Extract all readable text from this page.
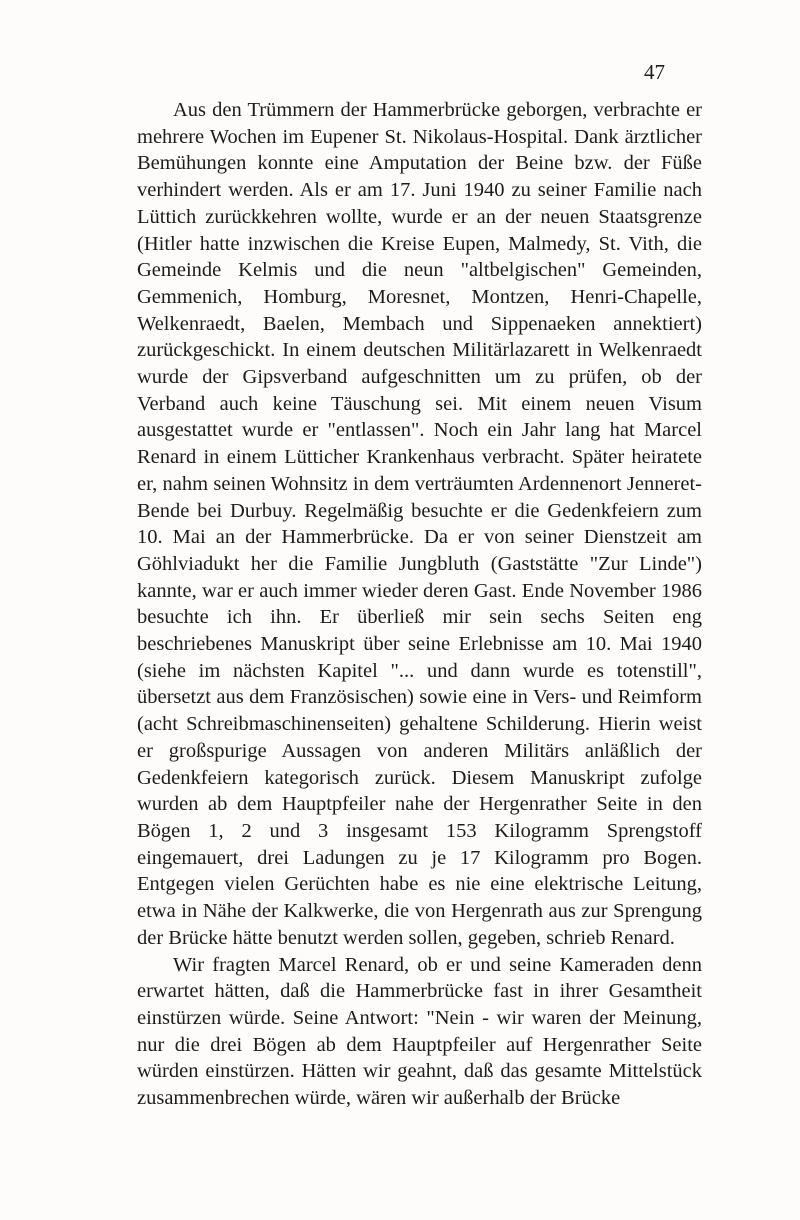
47

Aus den Trümmern der Hammerbrücke geborgen, verbrachte er mehrere Wochen im Eupener St. Nikolaus-Hospital. Dank ärztlicher Bemühungen konnte eine Amputation der Beine bzw. der Füße verhindert werden. Als er am 17. Juni 1940 zu seiner Familie nach Lüttich zurückkehren wollte, wurde er an der neuen Staatsgrenze (Hitler hatte inzwischen die Kreise Eupen, Malmedy, St. Vith, die Gemeinde Kelmis und die neun "altbelgischen" Gemeinden, Gemmenich, Homburg, Moresnet, Montzen, Henri-Chapelle, Welkenraedt, Baelen, Membach und Sippenaeken annektiert) zurückgeschickt. In einem deutschen Militärlazarett in Welkenraedt wurde der Gipsverband aufgeschnitten um zu prüfen, ob der Verband auch keine Täuschung sei. Mit einem neuen Visum ausgestattet wurde er "entlassen". Noch ein Jahr lang hat Marcel Renard in einem Lütticher Krankenhaus verbracht. Später heiratete er, nahm seinen Wohnsitz in dem verträumten Ardennenort Jenneret-Bende bei Durbuy. Regelmäßig besuchte er die Gedenkfeiern zum 10. Mai an der Hammerbrücke. Da er von seiner Dienstzeit am Göhlviadukt her die Familie Jungbluth (Gaststätte "Zur Linde") kannte, war er auch immer wieder deren Gast. Ende November 1986 besuchte ich ihn. Er überließ mir sein sechs Seiten eng beschriebenes Manuskript über seine Erlebnisse am 10. Mai 1940 (siehe im nächsten Kapitel "... und dann wurde es totenstill", übersetzt aus dem Französischen) sowie eine in Vers- und Reimform (acht Schreibmaschinenseiten) gehaltene Schilderung. Hierin weist er großspurige Aussagen von anderen Militärs anläßlich der Gedenkfeiern kategorisch zurück. Diesem Manuskript zufolge wurden ab dem Hauptpfeiler nahe der Hergenrather Seite in den Bögen 1, 2 und 3 insgesamt 153 Kilogramm Sprengstoff eingemauert, drei Ladungen zu je 17 Kilogramm pro Bogen. Entgegen vielen Gerüchten habe es nie eine elektrische Leitung, etwa in Nähe der Kalkwerke, die von Hergenrath aus zur Sprengung der Brücke hätte benutzt werden sollen, gegeben, schrieb Renard.

Wir fragten Marcel Renard, ob er und seine Kameraden denn erwartet hätten, daß die Hammerbrücke fast in ihrer Gesamtheit einstürzen würde. Seine Antwort: "Nein - wir waren der Meinung, nur die drei Bögen ab dem Hauptpfeiler auf Hergenrather Seite würden einstürzen. Hätten wir geahnt, daß das gesamte Mittelstück zusammenbrechen würde, wären wir außerhalb der Brücke
